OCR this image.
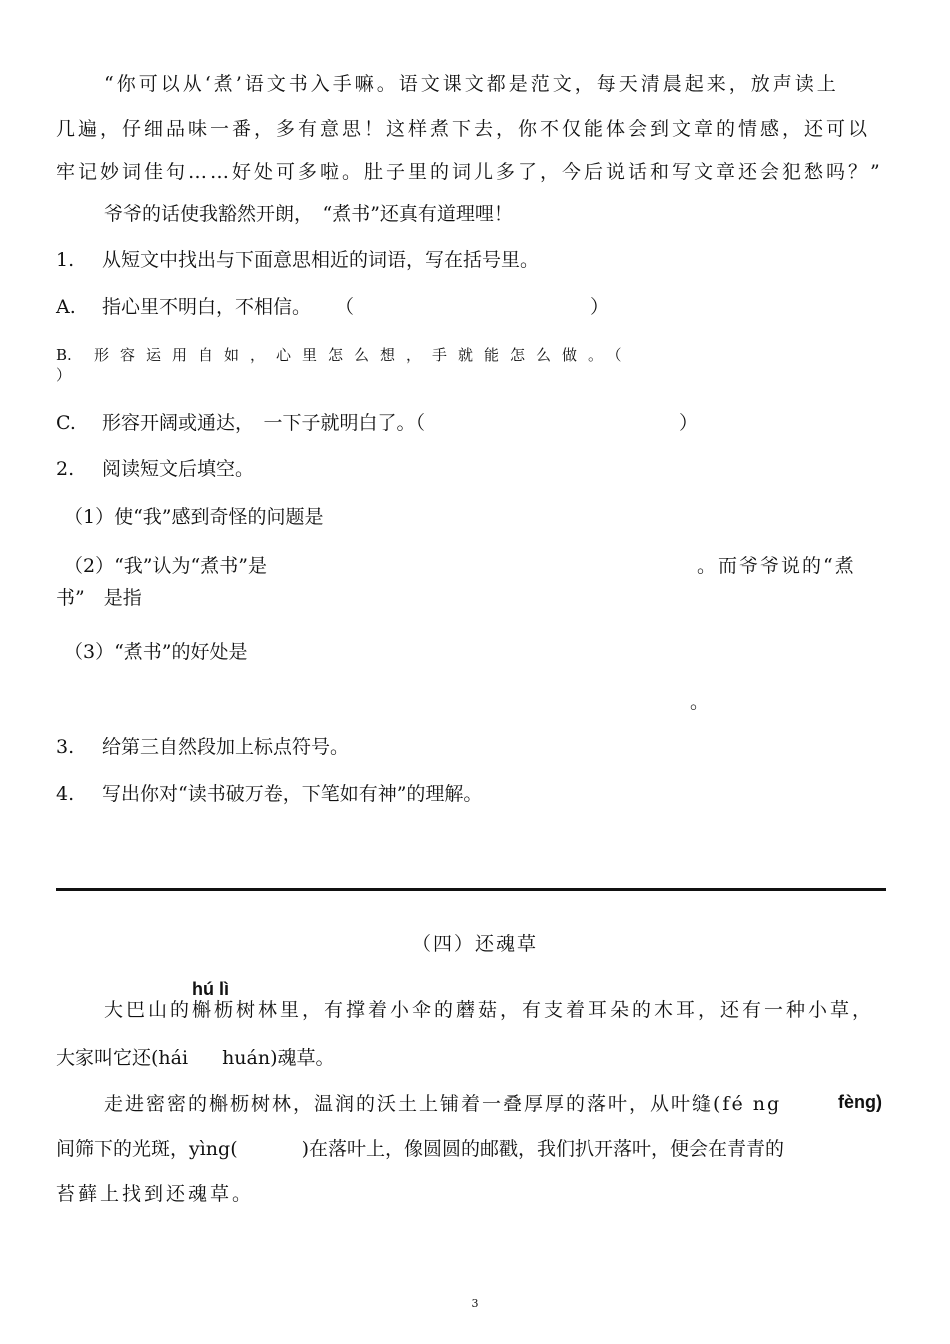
“你可以从‘煮’语文书入手嘛。语文课文都是范文，每天清晨起来，放声读上
几遍，仔细品味一番，多有意思！这样煮下去，你不仅能体会到文章的情感，还可以
牢记妙词佳句……好处可多啦。肚子里的词儿多了，今后说话和写文章还会犯愁吗？”
爷爷的话使我豁然开朗，　“煮书”还真有道理哩！
1. 从短文中找出与下面意思相近的词语，写在括号里。
A. 指心里不明白，不相信。 （	）
B. 形容运用自如，心里怎么想，手就能怎么做。（
）
C. 形容开阔或通达，　一下子就明白了。（	）
2. 阅读短文后填空。
（1）使“我”感到奇怪的问题是
（2）“我”认为“煮书”是	。而爷爷说的“煮
书”　是指
（3）“煮书”的好处是
。
3. 给第三自然段加上标点符号。
4. 写出你对“读书破万卷，下笔如有神”的理解。
（四）还魂草
hú lì
大巴山的槲枥树林里，有撑着小伞的蘑菇，有支着耳朵的木耳，还有一种小草，
大家叫它还(hái huán)魂草。
走进密密的槲枥树林，温润的沃土上铺着一叠厚厚的落叶，从叶缝(fé ng	fèng)
间筛下的光斑，yìng(	)在落叶上，像圆圆的邮戳，我们扒开落叶，便会在青青的
苔藓上找到还魂草。
3
